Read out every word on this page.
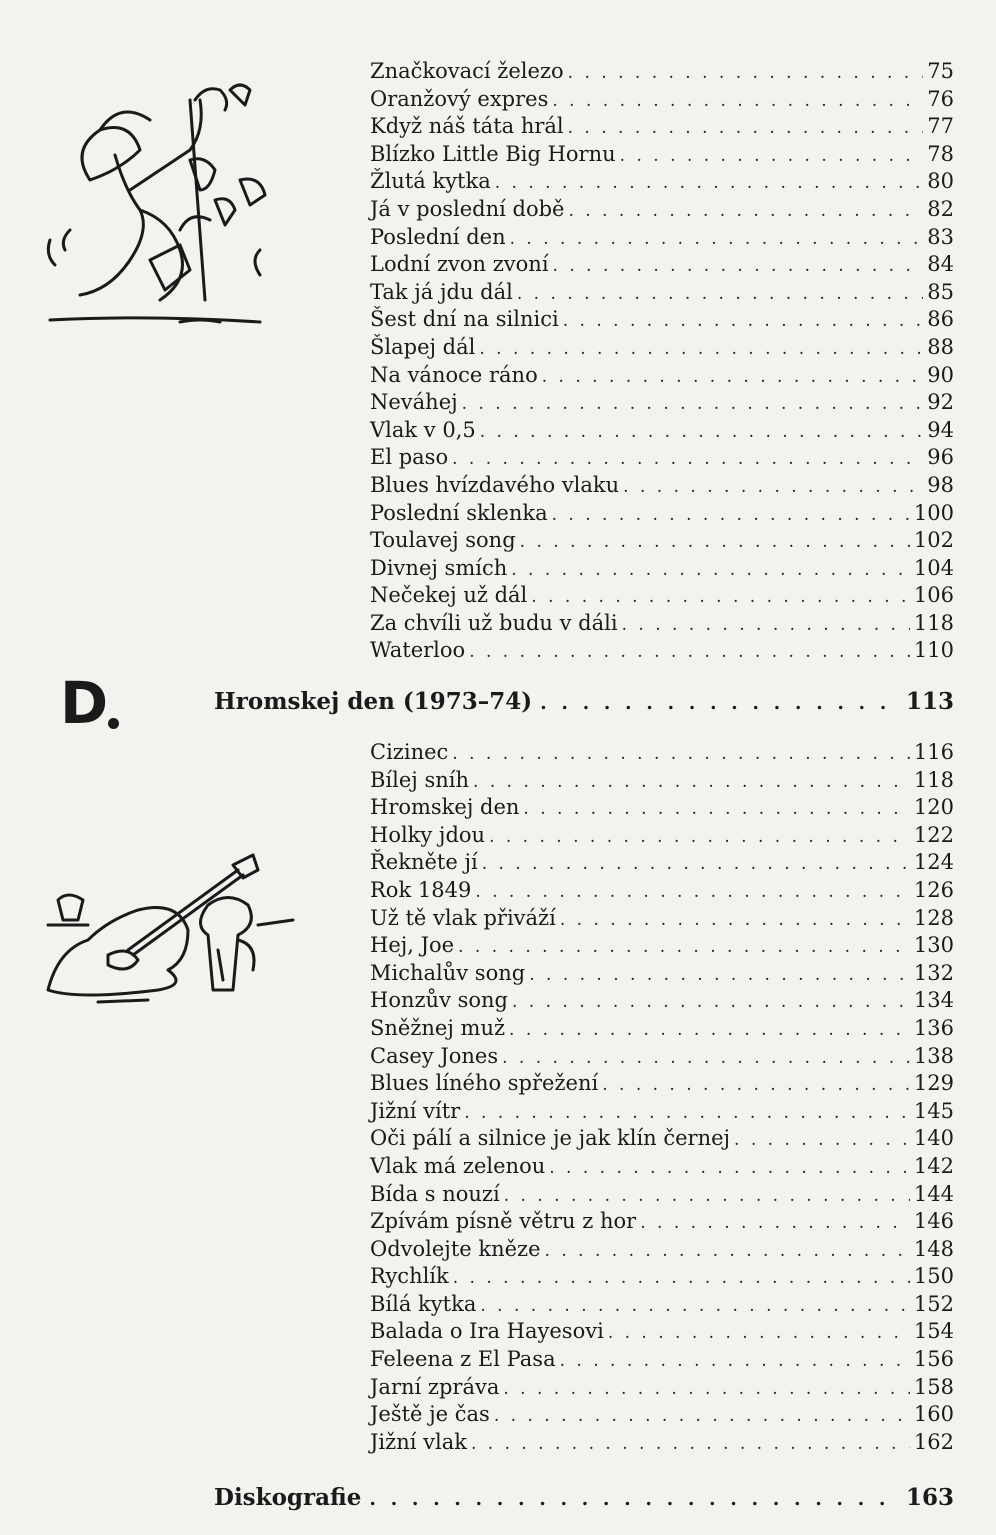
Značkovací železo . . .	75
Oranžový expres . . .	76
Když náš táta hrál . . .	77
Blízko Little Big Hornu . . .	78
Žlutá kytka . . .	80
Já v poslední době . . .	82
Poslední den . . .	83
Lodní zvon zvoní . . .	84
Tak já jdu dál . . .	85
Šest dní na silnici . . .	86
Šlapej dál . . .	88
Na vánoce ráno . . .	90
Neváhej . . .	92
Vlak v 0,5 . . .	94
El paso . . .	96
Blues hvízdavého vlaku . . .	98
Poslední sklenka . . .	100
Toulavej song . . .	102
Divnej smích . . .	104
Nečekej už dál . . .	106
Za chvíli už budu v dáli . . .	118
Waterloo . . .	110
D	Hromskej den (1973–74) . . .	113
Cizinec . . .	116
Bílej sníh . . .	118
Hromskej den . . .	120
Holky jdou . . .	122
Řekněte jí . . .	124
Rok 1849 . . .	126
Už tě vlak přiváží . . .	128
Hej, Joe . . .	130
Michalův song . . .	132
Honzův song . . .	134
Sněžnej muž . . .	136
Casey Jones . . .	138
Blues líného spřežení . . .	129
Jižní vítr . . .	145
Oči pálí a silnice je jak klín černej . . .	140
Vlak má zelenou . . .	142
Bída s nouzí . . .	144
Zpívám písně větru z hor . . .	146
Odvolejte kněze . . .	148
Rychlík . . .	150
Bílá kytka . . .	152
Balada o Ira Hayesovi . . .	154
Feleena z El Pasa . . .	156
Jarní zpráva . . .	158
Ještě je čas . . .	160
Jižní vlak . . .	162
Diskografie . . .	163
